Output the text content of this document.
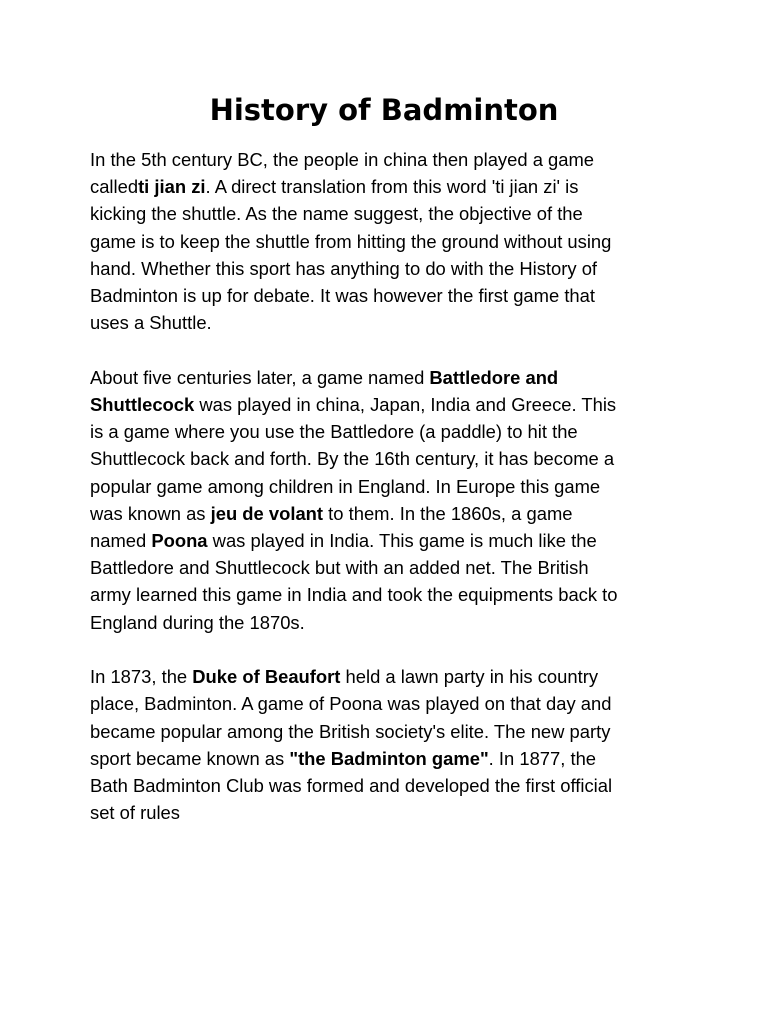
History of Badminton

In the 5th century BC, the people in china then played a game
calledti jian zi. A direct translation from this word 'ti jian zi' is
kicking the shuttle. As the name suggest, the objective of the
game is to keep the shuttle from hitting the ground without using
hand. Whether this sport has anything to do with the History of
Badminton is up for debate. It was however the first game that
uses a Shuttle.

About five centuries later, a game named Battledore and
Shuttlecock was played in china, Japan, India and Greece. This
is a game where you use the Battledore (a paddle) to hit the
Shuttlecock back and forth. By the 16th century, it has become a
popular game among children in England. In Europe this game
was known as jeu de volant to them. In the 1860s, a game
named Poona was played in India. This game is much like the
Battledore and Shuttlecock but with an added net. The British
army learned this game in India and took the equipments back to
England during the 1870s.

In 1873, the Duke of Beaufort held a lawn party in his country
place, Badminton. A game of Poona was played on that day and
became popular among the British society's elite. The new party
sport became known as "the Badminton game". In 1877, the
Bath Badminton Club was formed and developed the first official
set of rules
